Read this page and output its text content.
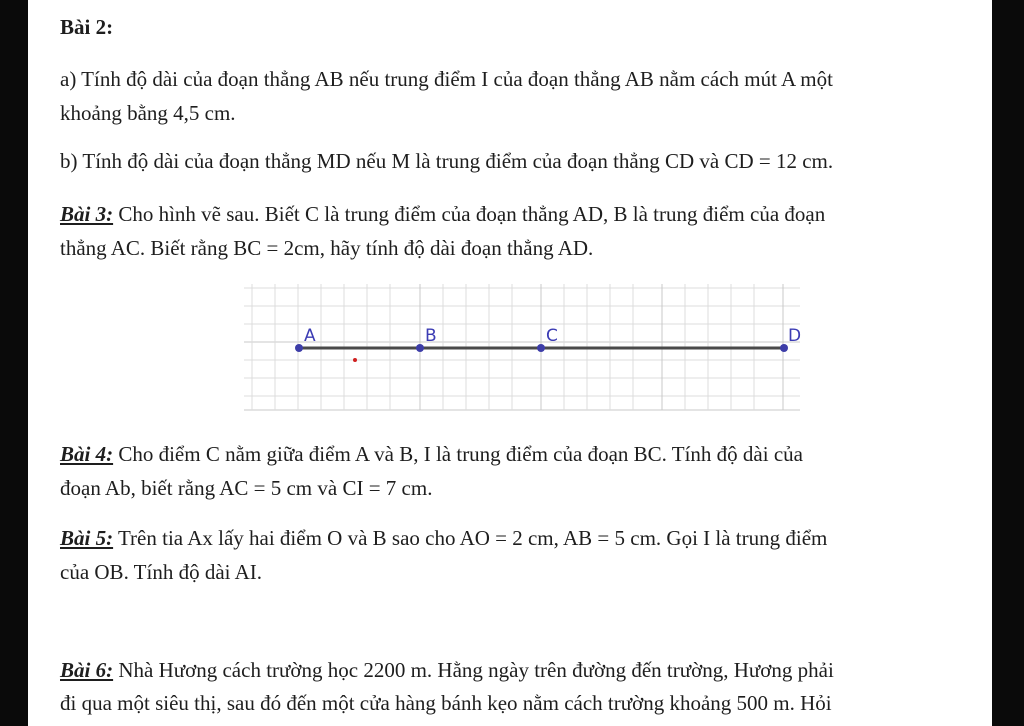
Bài 2:
a) Tính độ dài của đoạn thẳng AB nếu trung điểm I của đoạn thẳng AB nằm cách mút A một
khoảng bằng 4,5 cm.
b) Tính độ dài của đoạn thẳng MD nếu M là trung điểm của đoạn thẳng CD và CD = 12 cm.
Bài 3: Cho hình vẽ sau. Biết C là trung điểm của đoạn thẳng AD, B là trung điểm của đoạn
thẳng AC. Biết rằng BC = 2cm, hãy tính độ dài đoạn thẳng AD.
A	B	C	D
Bài 4: Cho điểm C nằm giữa điểm A và B, I là trung điểm của đoạn BC. Tính độ dài của
đoạn Ab, biết rằng AC = 5 cm và CI = 7 cm.
Bài 5: Trên tia Ax lấy hai điểm O và B sao cho AO = 2 cm, AB = 5 cm. Gọi I là trung điểm
của OB. Tính độ dài AI.
Bài 6: Nhà Hương cách trường học 2200 m. Hằng ngày trên đường đến trường, Hương phải
đi qua một siêu thị, sau đó đến một cửa hàng bánh kẹo nằm cách trường khoảng 500 m. Hỏi
